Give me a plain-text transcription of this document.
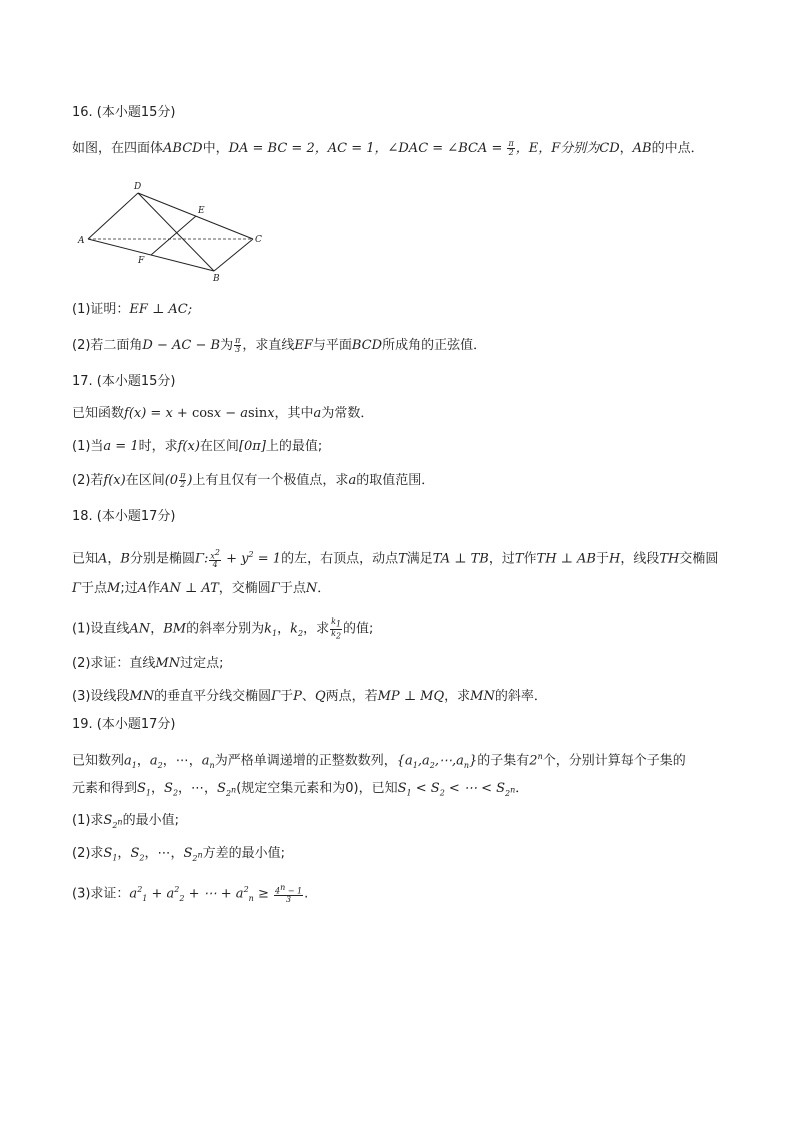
16. (本小题15分)
如图，在四面体ABCD中，DA = BC = 2，AC = 1，∠DAC = ∠BCA = $\frac{\pi}{2}$ ，E，F分别为CD，AB的中点．
D
E
A	C
F
B
(1)证明：EF ⊥ AC;
(2)若二面角D − AC − B为 $\frac{\pi}{3}$ ，求直线EF与平面BCD所成角的正弦值．
17. (本小题15分)
已知函数f(x) = x + cosx − asinx，其中a为常数．
(1)当a = 1时，求f(x)在区间[0π]上的最值;
(2)若f(x)在区间($0 \frac{\pi}{2}$ )上有且仅有一个极值点，求a的取值范围．
18. (本小题17分)
已知A，B分别是椭圆Γ: $\frac{x^2}{4} + y^2 = 1$的左，右顶点，动点T满足TA ⊥ TB，过T作TH ⊥ AB于H，线段TH交椭圆
Γ于点M;过A作AN ⊥ AT，交椭圆Γ于点N．
(1)设直线AN，BM的斜率分别为$k_1$，$k_2$，求 $\frac{k_1}{k_2}$ 的值;
(2)求证：直线MN过定点;
(3)设线段MN的垂直平分线交椭圆Γ于P、Q两点，若MP ⊥ MQ，求MN的斜率．
19. (本小题17分)
已知数列$a_1$，$a_2$，⋯，$a_n$为严格单调递增的正整数数列，$\{a_1,a_2,\cdots,a_n\}$的子集有2$^n$个，分别计算每个子集的
元素和得到$S_1$，$S_2$，⋯，$S_{2^n}$(规定空集元素和为0)，已知$S_1 < S_2$ < ⋯ < $S_{2^n}$．
(1)求$S_{2^n}$的最小值;
(2)求$S_1$，$S_2$，⋯，$S_{2^n}$方差的最小值;
(3)求证：$a^2_1 + a^2_2$ + ⋯ + $a^2_n \ge \frac{4^n - 1}{3}$ .
